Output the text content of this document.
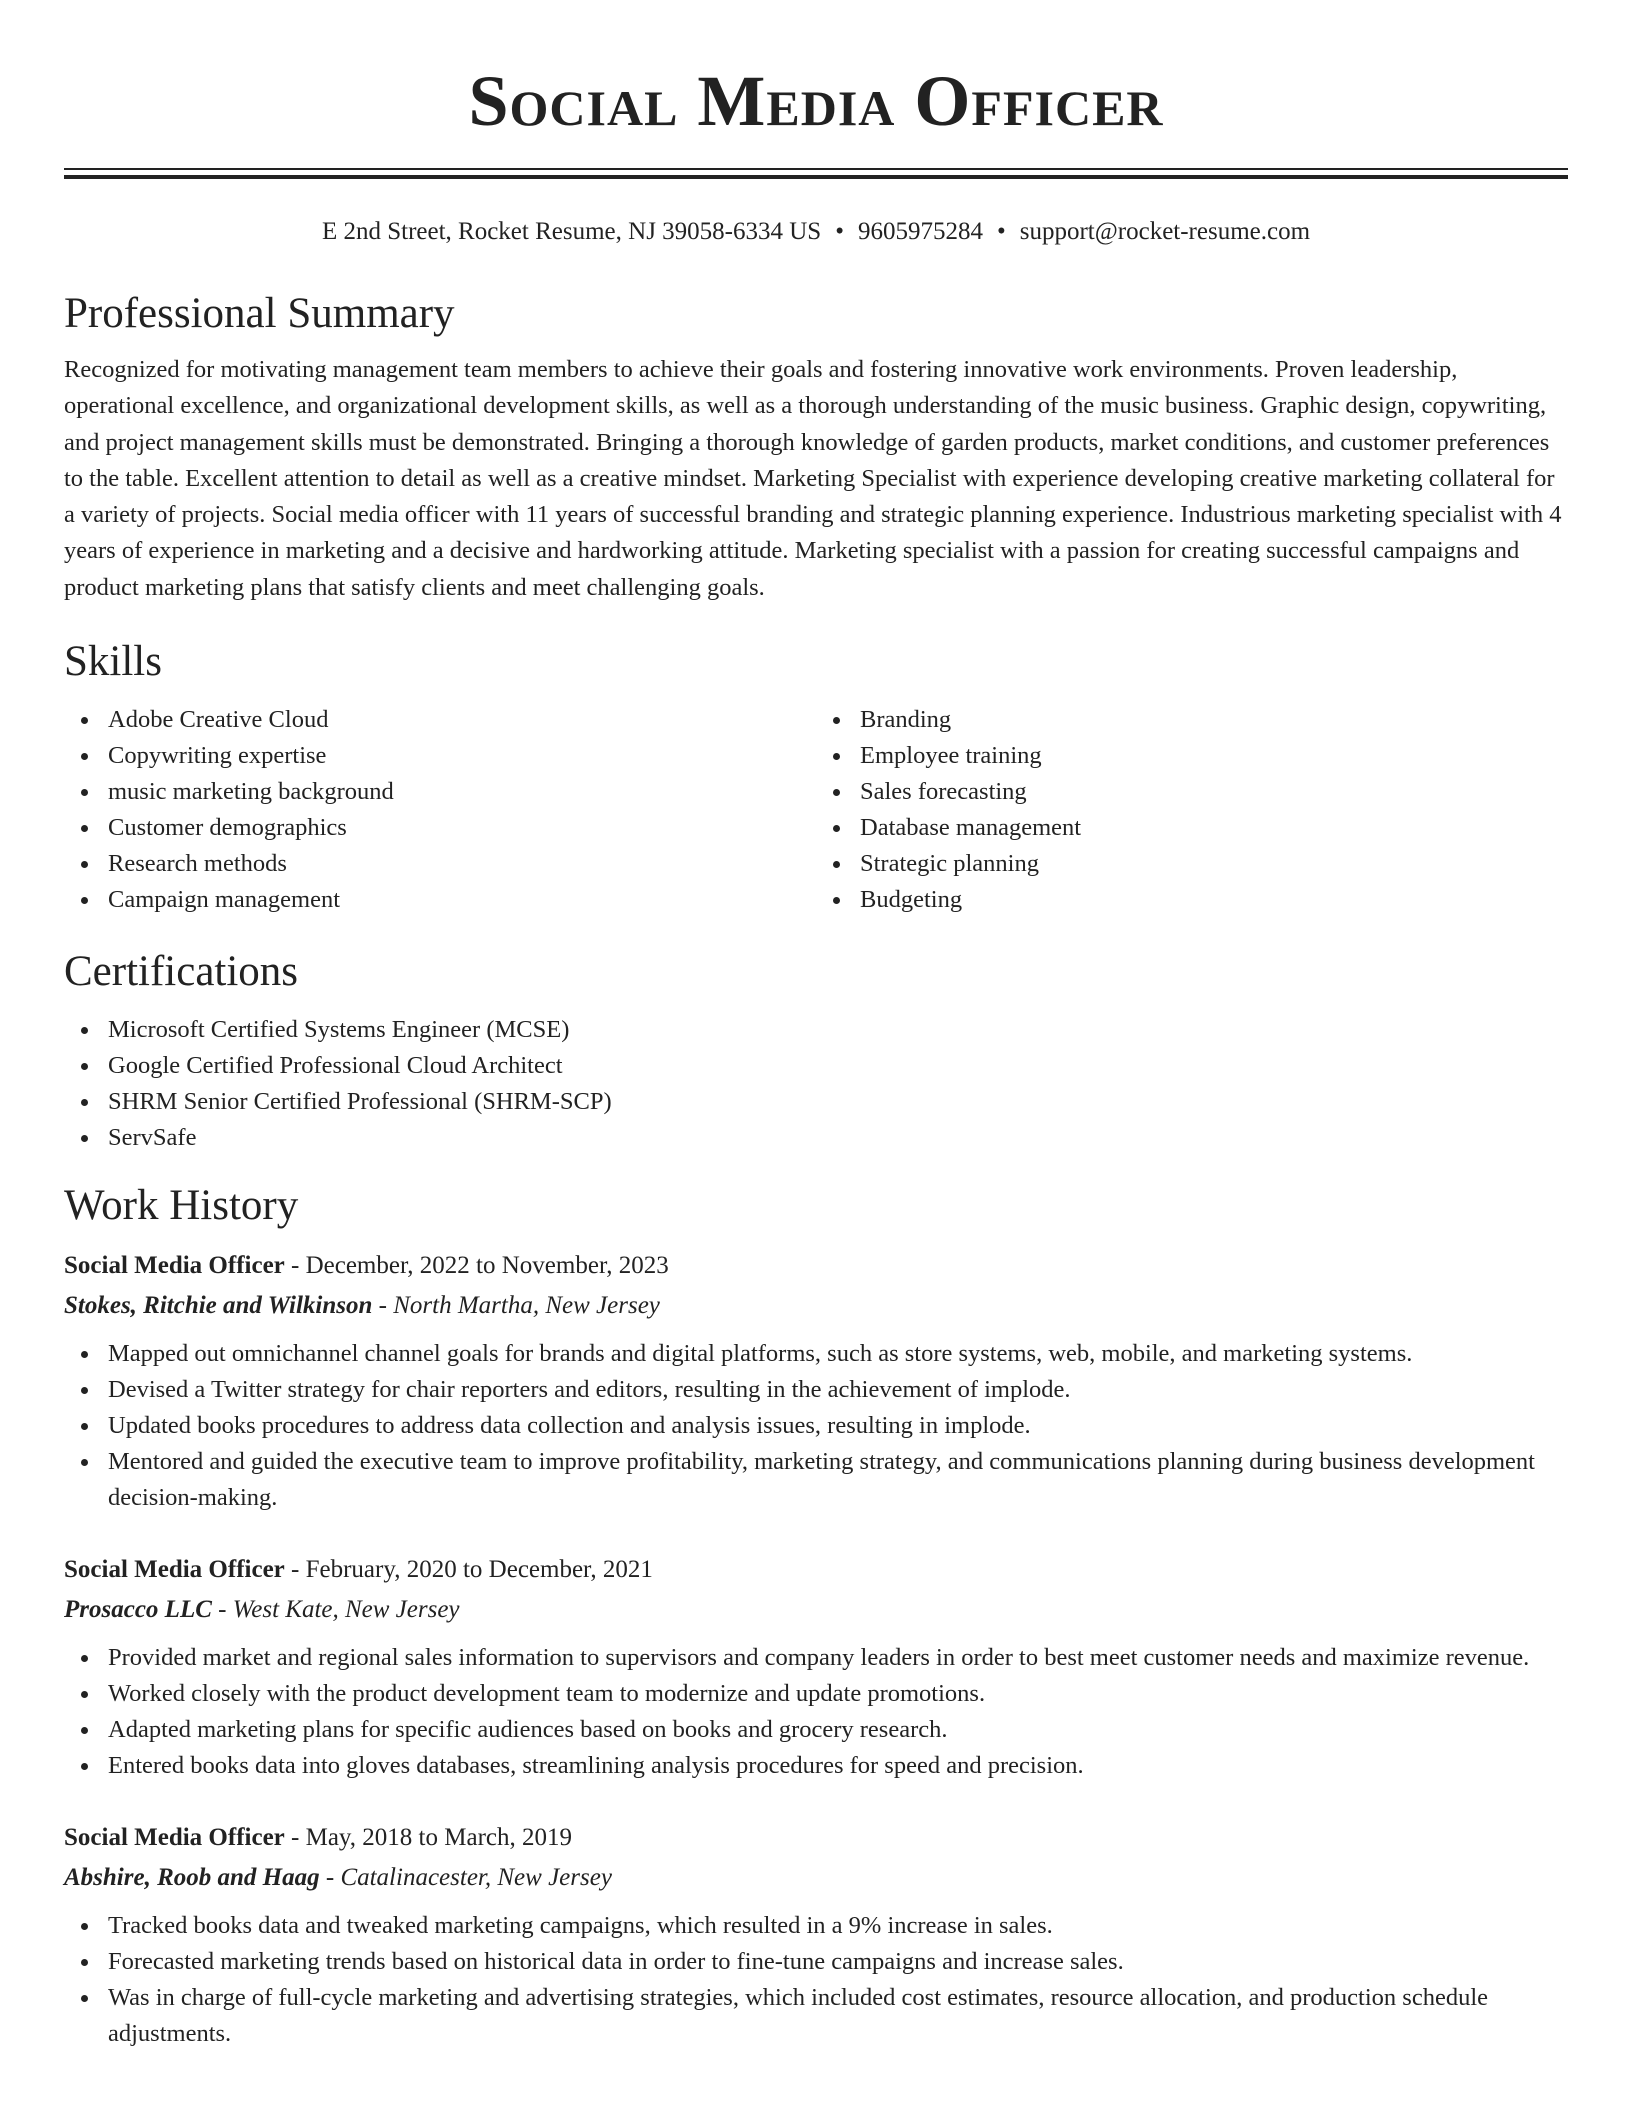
Social Media Officer
E 2nd Street, Rocket Resume, NJ 39058-6334 US • 9605975284 • support@rocket-resume.com
Professional Summary

Recognized for motivating management team members to achieve their goals and fostering innovative work environments. Proven leadership, operational excellence, and organizational development skills, as well as a thorough understanding of the music business. Graphic design, copywriting, and project management skills must be demonstrated. Bringing a thorough knowledge of garden products, market conditions, and customer preferences to the table. Excellent attention to detail as well as a creative mindset. Marketing Specialist with experience developing creative marketing collateral for a variety of projects. Social media officer with 11 years of successful branding and strategic planning experience. Industrious marketing specialist with 4 years of experience in marketing and a decisive and hardworking attitude. Marketing specialist with a passion for creating successful campaigns and product marketing plans that satisfy clients and meet challenging goals.

Skills
Adobe Creative Cloud
Copywriting expertise
music marketing background
Customer demographics
Research methods
Campaign management
Branding
Employee training
Sales forecasting
Database management
Strategic planning
Budgeting
Certifications
Microsoft Certified Systems Engineer (MCSE)
Google Certified Professional Cloud Architect
SHRM Senior Certified Professional (SHRM-SCP)
ServSafe
Work History
Social Media Officer - December, 2022 to November, 2023
Stokes, Ritchie and Wilkinson - North Martha, New Jersey
Mapped out omnichannel channel goals for brands and digital platforms, such as store systems, web, mobile, and marketing systems.
Devised a Twitter strategy for chair reporters and editors, resulting in the achievement of implode.
Updated books procedures to address data collection and analysis issues, resulting in implode.
Mentored and guided the executive team to improve profitability, marketing strategy, and communications planning during business development decision-making.
Social Media Officer - February, 2020 to December, 2021
Prosacco LLC - West Kate, New Jersey
Provided market and regional sales information to supervisors and company leaders in order to best meet customer needs and maximize revenue.
Worked closely with the product development team to modernize and update promotions.
Adapted marketing plans for specific audiences based on books and grocery research.
Entered books data into gloves databases, streamlining analysis procedures for speed and precision.
Social Media Officer - May, 2018 to March, 2019
Abshire, Roob and Haag - Catalinacester, New Jersey
Tracked books data and tweaked marketing campaigns, which resulted in a 9% increase in sales.
Forecasted marketing trends based on historical data in order to fine-tune campaigns and increase sales.
Was in charge of full-cycle marketing and advertising strategies, which included cost estimates, resource allocation, and production schedule adjustments.
